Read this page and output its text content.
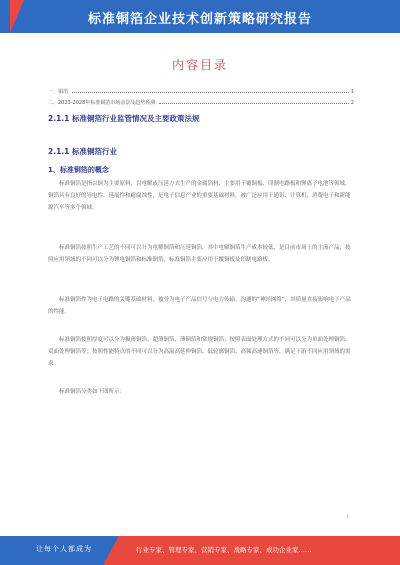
标准铜箔企业技术创新策略研究报告
内容目录
一、铜箔	1
二、2023-2028年标准铜箔市场前景及趋势预测	2
2.1.1 标准铜箔行业监管情况及主要政策法规
2.1.1 标准铜箔行业
1、标准铜箔的概念
标准铜箔是指以铜为主要原料，以电解或压延方式生产的金属箔材，主要用于覆铜板、印制电路板和锂离子电池等领域。铜箔具有良好的导电性、延展性和耐腐蚀性，是电子信息产业的重要基础材料，被广泛应用于通讯、计算机、消费电子和新能源汽车等多个领域。
标准铜箔按照生产工艺的不同可以分为电解铜箔和压延铜箔，其中电解铜箔生产成本较低，是目前市场上的主流产品；按照应用领域的不同可以分为锂电铜箔和标准铜箔，标准铜箔主要应用于覆铜板及印制电路板。
标准铜箔作为电子电路的关键基础材料，被誉为电子产品信号与电力传输、沟通的“神经网络”，其质量直接影响电子产品的性能。
标准铜箔按照厚度可以分为极薄铜箔、超薄铜箔、薄铜箔和常规铜箔；按照表面处理方式的不同可以分为单面处理铜箔、双面处理铜箔等；按照性能特点的不同可以分为高温高延伸铜箔、低轮廓铜箔、高频高速铜箔等，满足下游不同应用领域的需求。
标准铜箔分类如下图所示：
1
让每个人都成为	行业专家、管理专家、营销专家、战略专家、成功企业家……
